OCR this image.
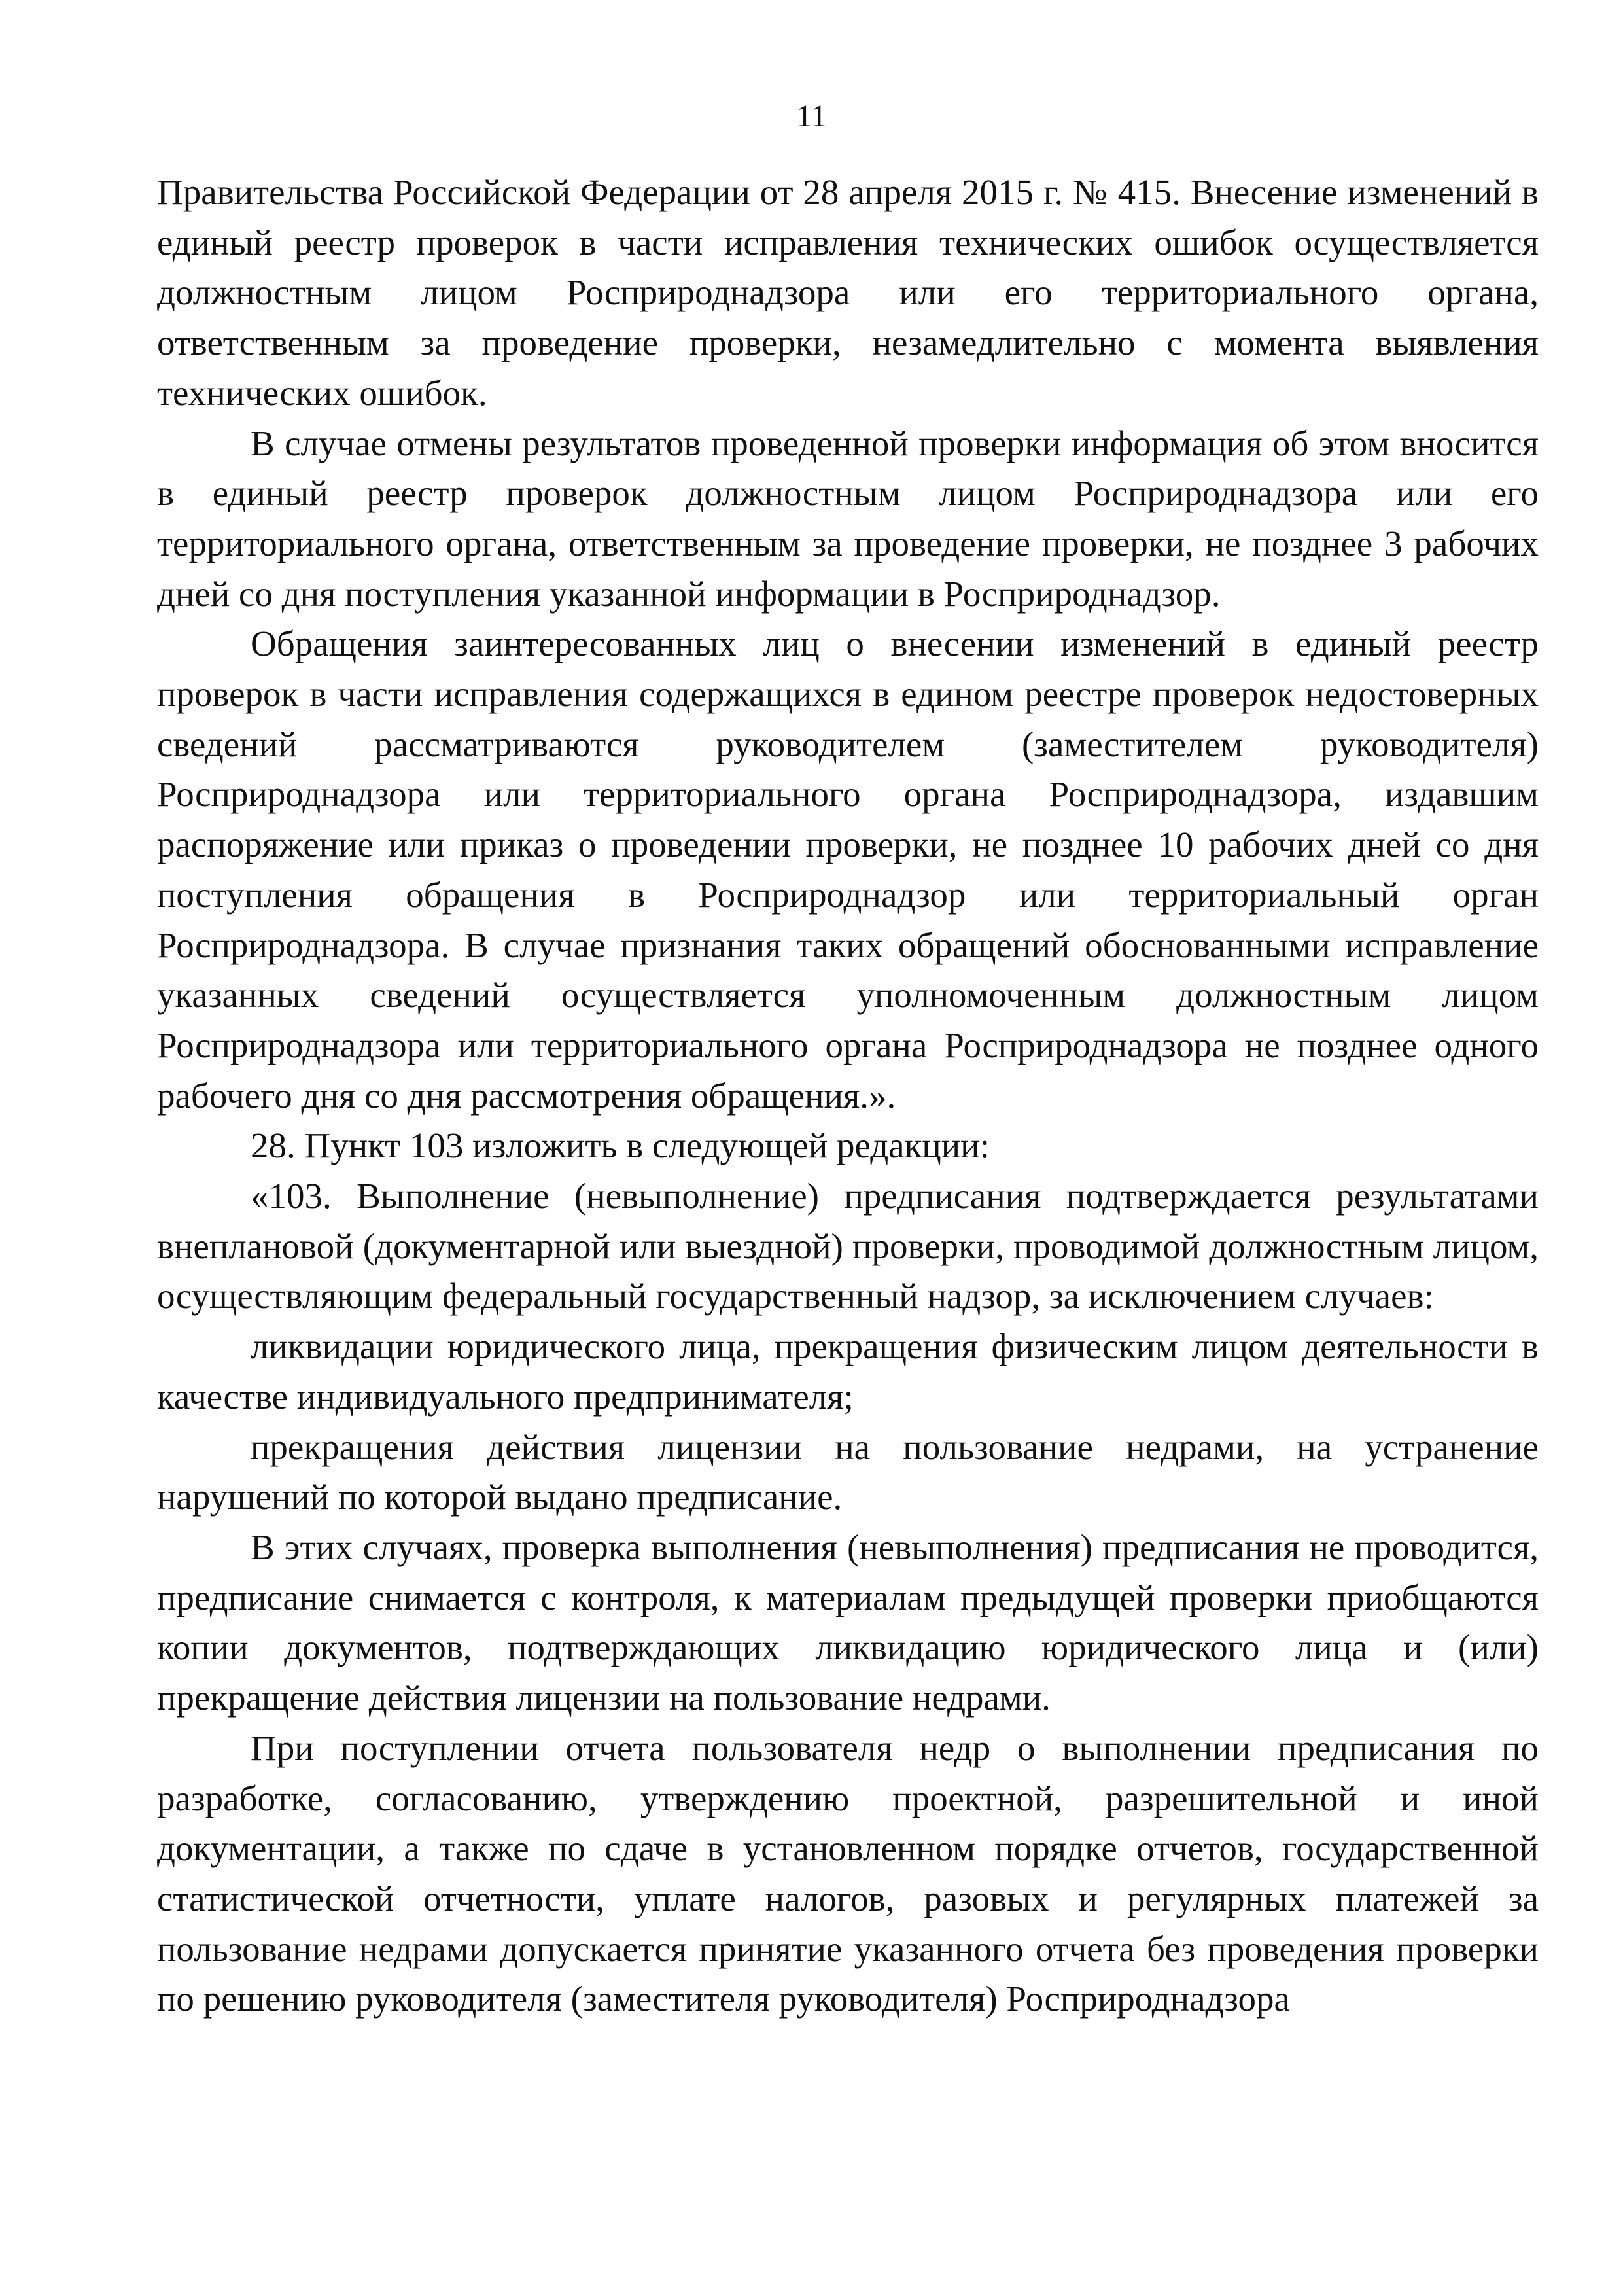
11

Правительства Российской Федерации от 28 апреля 2015 г. № 415. Внесение изменений в единый реестр проверок в части исправления технических ошибок осуществляется должностным лицом Росприроднадзора или его территориального органа, ответственным за проведение проверки, незамедлительно с момента выявления технических ошибок.

В случае отмены результатов проведенной проверки информация об этом вносится в единый реестр проверок должностным лицом Росприроднадзора или его территориального органа, ответственным за проведение проверки, не позднее 3 рабочих дней со дня поступления указанной информации в Росприроднадзор.

Обращения заинтересованных лиц о внесении изменений в единый реестр проверок в части исправления содержащихся в едином реестре проверок недостоверных сведений рассматриваются руководителем (заместителем руководителя) Росприроднадзора или территориального органа Росприроднадзора, издавшим распоряжение или приказ о проведении проверки, не позднее 10 рабочих дней со дня поступления обращения в Росприроднадзор или территориальный орган Росприроднадзора. В случае признания таких обращений обоснованными исправление указанных сведений осуществляется уполномоченным должностным лицом Росприроднадзора или территориального органа Росприроднадзора не позднее одного рабочего дня со дня рассмотрения обращения.».

28. Пункт 103 изложить в следующей редакции:

«103. Выполнение (невыполнение) предписания подтверждается результатами внеплановой (документарной или выездной) проверки, проводимой должностным лицом, осуществляющим федеральный государственный надзор, за исключением случаев:

ликвидации юридического лица, прекращения физическим лицом деятельности в качестве индивидуального предпринимателя;

прекращения действия лицензии на пользование недрами, на устранение нарушений по которой выдано предписание.

В этих случаях, проверка выполнения (невыполнения) предписания не проводится, предписание снимается с контроля, к материалам предыдущей проверки приобщаются копии документов, подтверждающих ликвидацию юридического лица и (или) прекращение действия лицензии на пользование недрами.

При поступлении отчета пользователя недр о выполнении предписания по разработке, согласованию, утверждению проектной, разрешительной и иной документации, а также по сдаче в установленном порядке отчетов, государственной статистической отчетности, уплате налогов, разовых и регулярных платежей за пользование недрами допускается принятие указанного отчета без проведения проверки по решению руководителя (заместителя руководителя) Росприроднадзора
